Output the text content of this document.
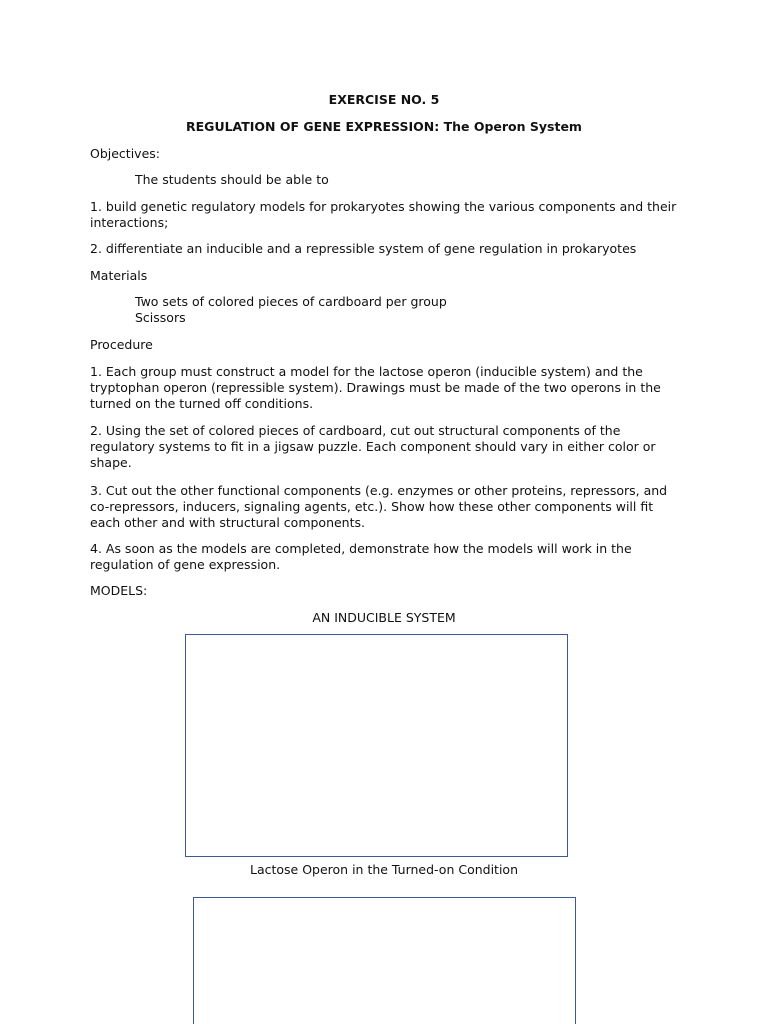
EXERCISE NO. 5

REGULATION OF GENE EXPRESSION: The Operon System

Objectives:

The students should be able to

1. build genetic regulatory models for prokaryotes showing the various components and their interactions;

2. differentiate an inducible and a repressible system of gene regulation in prokaryotes

Materials

Two sets of colored pieces of cardboard per group

Scissors

Procedure

1. Each group must construct a model for the lactose operon (inducible system) and the tryptophan operon (repressible system). Drawings must be made of the two operons in the turned on the turned off conditions.

2. Using the set of colored pieces of cardboard, cut out structural components of the regulatory systems to fit in a jigsaw puzzle. Each component should vary in either color or shape.

3. Cut out the other functional components (e.g. enzymes or other proteins, repressors, and co-repressors, inducers, signaling agents, etc.). Show how these other components will fit each other and with structural components.

4. As soon as the models are completed, demonstrate how the models will work in the regulation of gene expression.

MODELS:

AN INDUCIBLE SYSTEM

Lactose Operon in the Turned-on Condition
